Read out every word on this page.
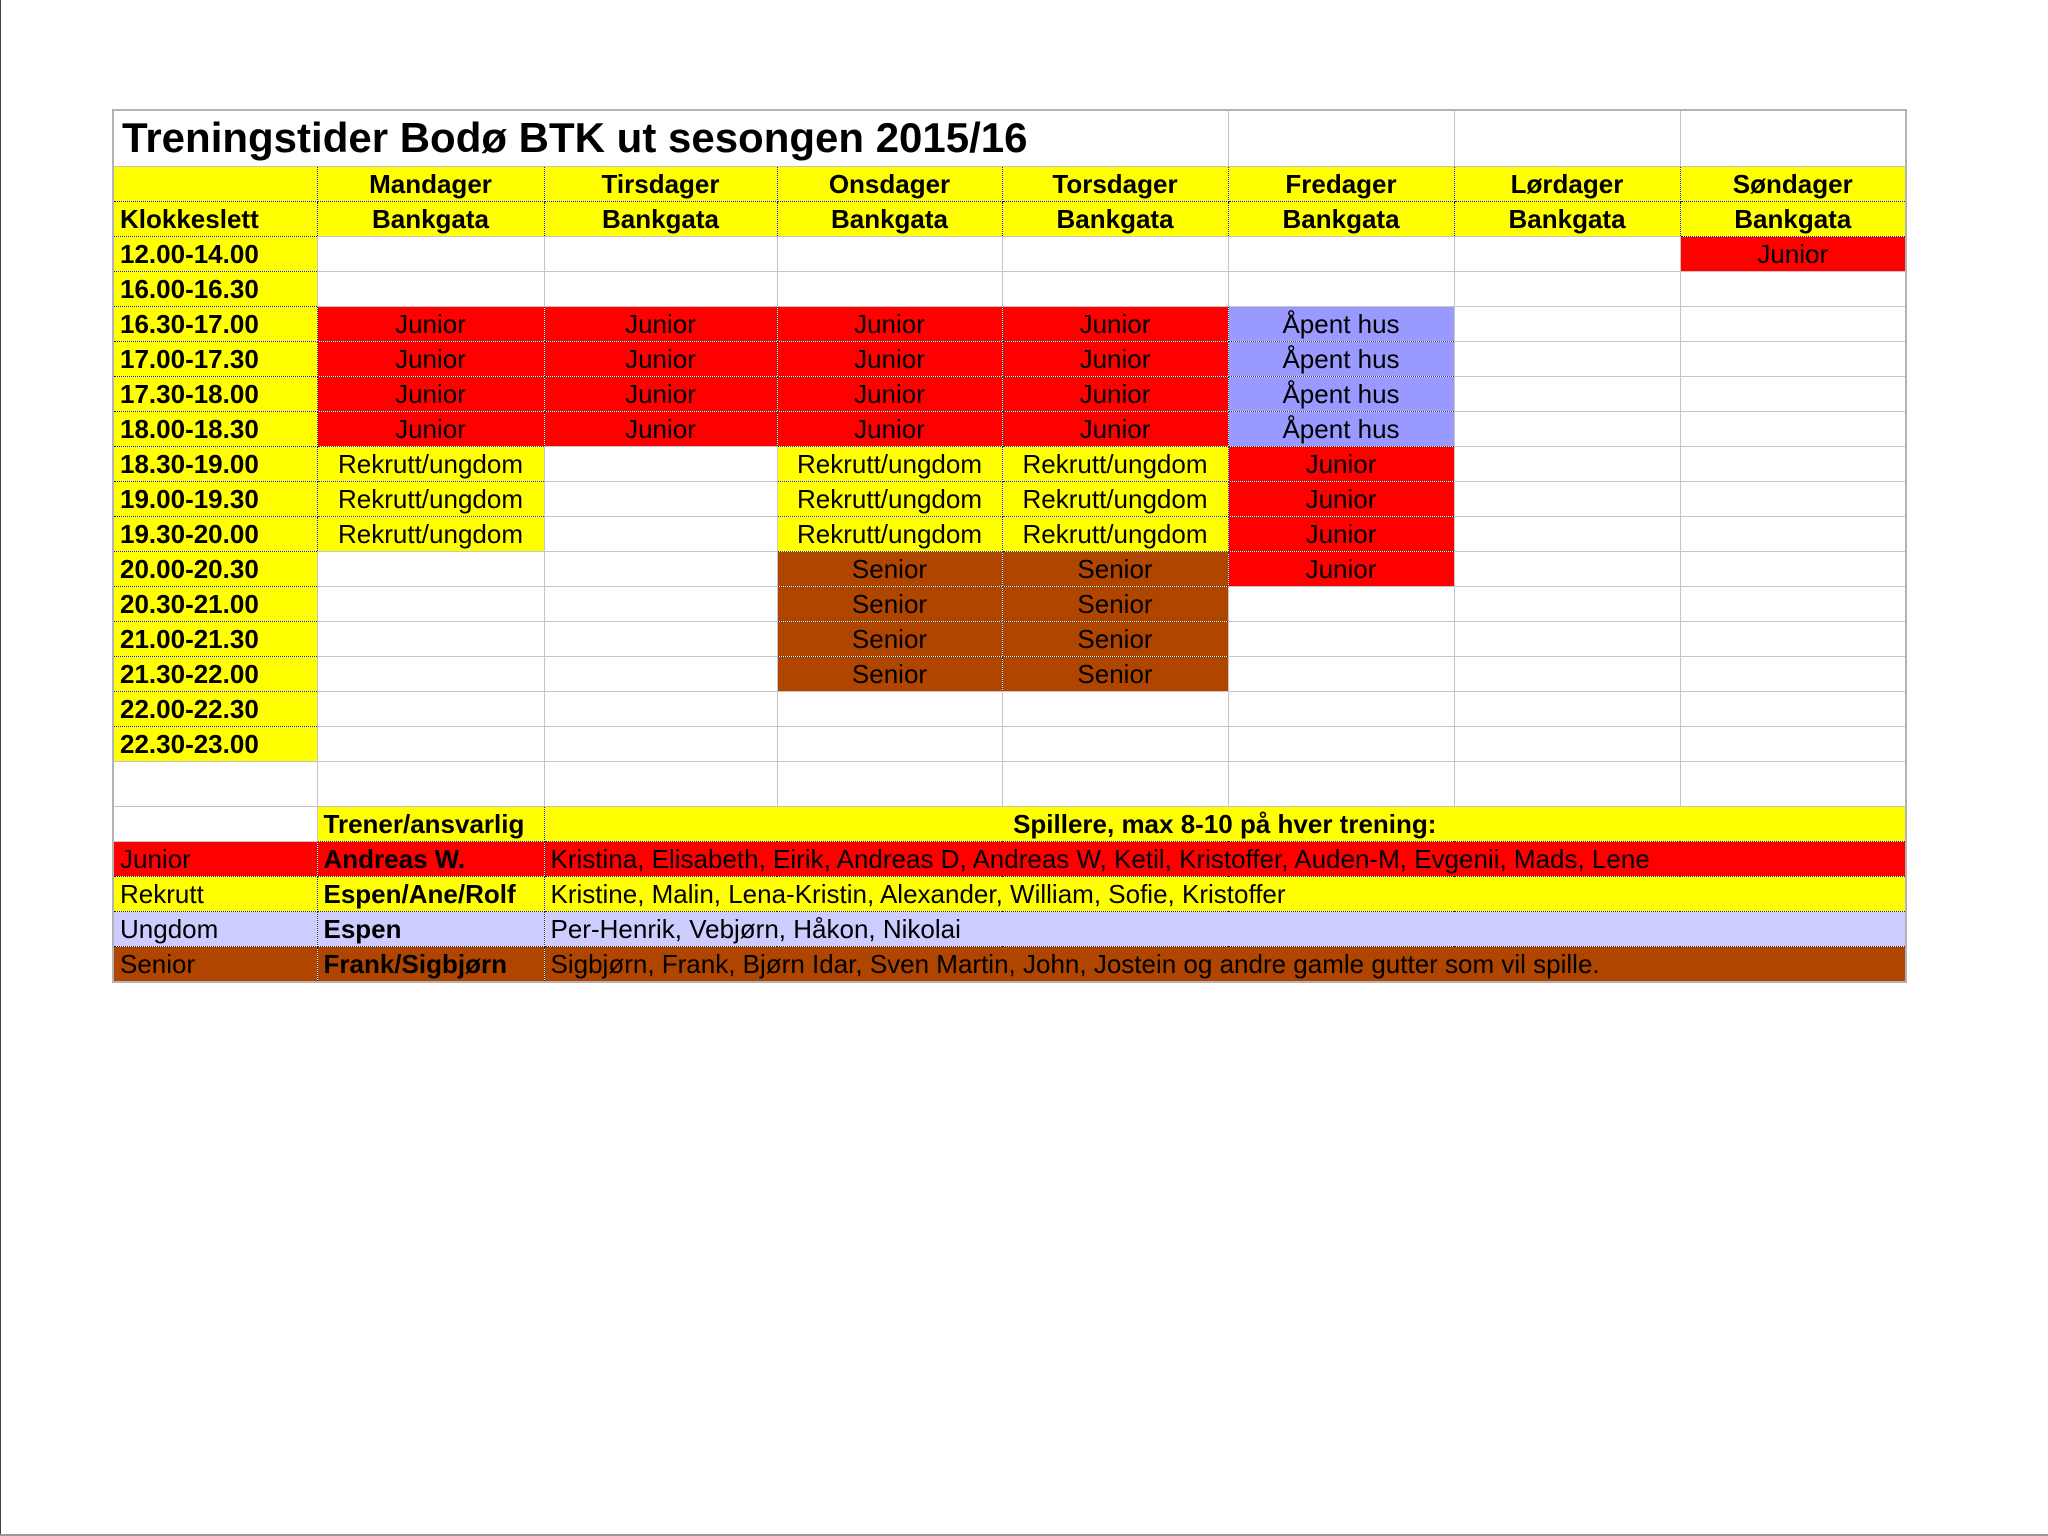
Treningstider Bodø BTK ut sesongen 2015/16							
	Mandager	Tirsdager	Onsdager	Torsdager	Fredager	Lørdager	Søndager
Klokkeslett	Bankgata	Bankgata	Bankgata	Bankgata	Bankgata	Bankgata	Bankgata
12.00-14.00							Junior
16.00-16.30							
16.30-17.00	Junior	Junior	Junior	Junior	Åpent hus		
17.00-17.30	Junior	Junior	Junior	Junior	Åpent hus		
17.30-18.00	Junior	Junior	Junior	Junior	Åpent hus		
18.00-18.30	Junior	Junior	Junior	Junior	Åpent hus		
18.30-19.00	Rekrutt/ungdom		Rekrutt/ungdom	Rekrutt/ungdom	Junior		
19.00-19.30	Rekrutt/ungdom		Rekrutt/ungdom	Rekrutt/ungdom	Junior		
19.30-20.00	Rekrutt/ungdom		Rekrutt/ungdom	Rekrutt/ungdom	Junior		
20.00-20.30			Senior	Senior	Junior		
20.30-21.00			Senior	Senior			
21.00-21.30			Senior	Senior			
21.30-22.00			Senior	Senior			
22.00-22.30							
22.30-23.00							

	Trener/ansvarlig	Spillere, max 8-10 på hver trening:					
Junior	Andreas W.	Kristina, Elisabeth, Eirik, Andreas D, Andreas W, Ketil, Kristoffer, Auden-M, Evgenii, Mads, Lene					
Rekrutt	Espen/Ane/Rolf	Kristine, Malin, Lena-Kristin, Alexander, William, Sofie, Kristoffer					
Ungdom	Espen	Per-Henrik, Vebjørn, Håkon, Nikolai					
Senior	Frank/Sigbjørn	Sigbjørn, Frank, Bjørn Idar, Sven Martin, John, Jostein og andre gamle gutter som vil spille.					
